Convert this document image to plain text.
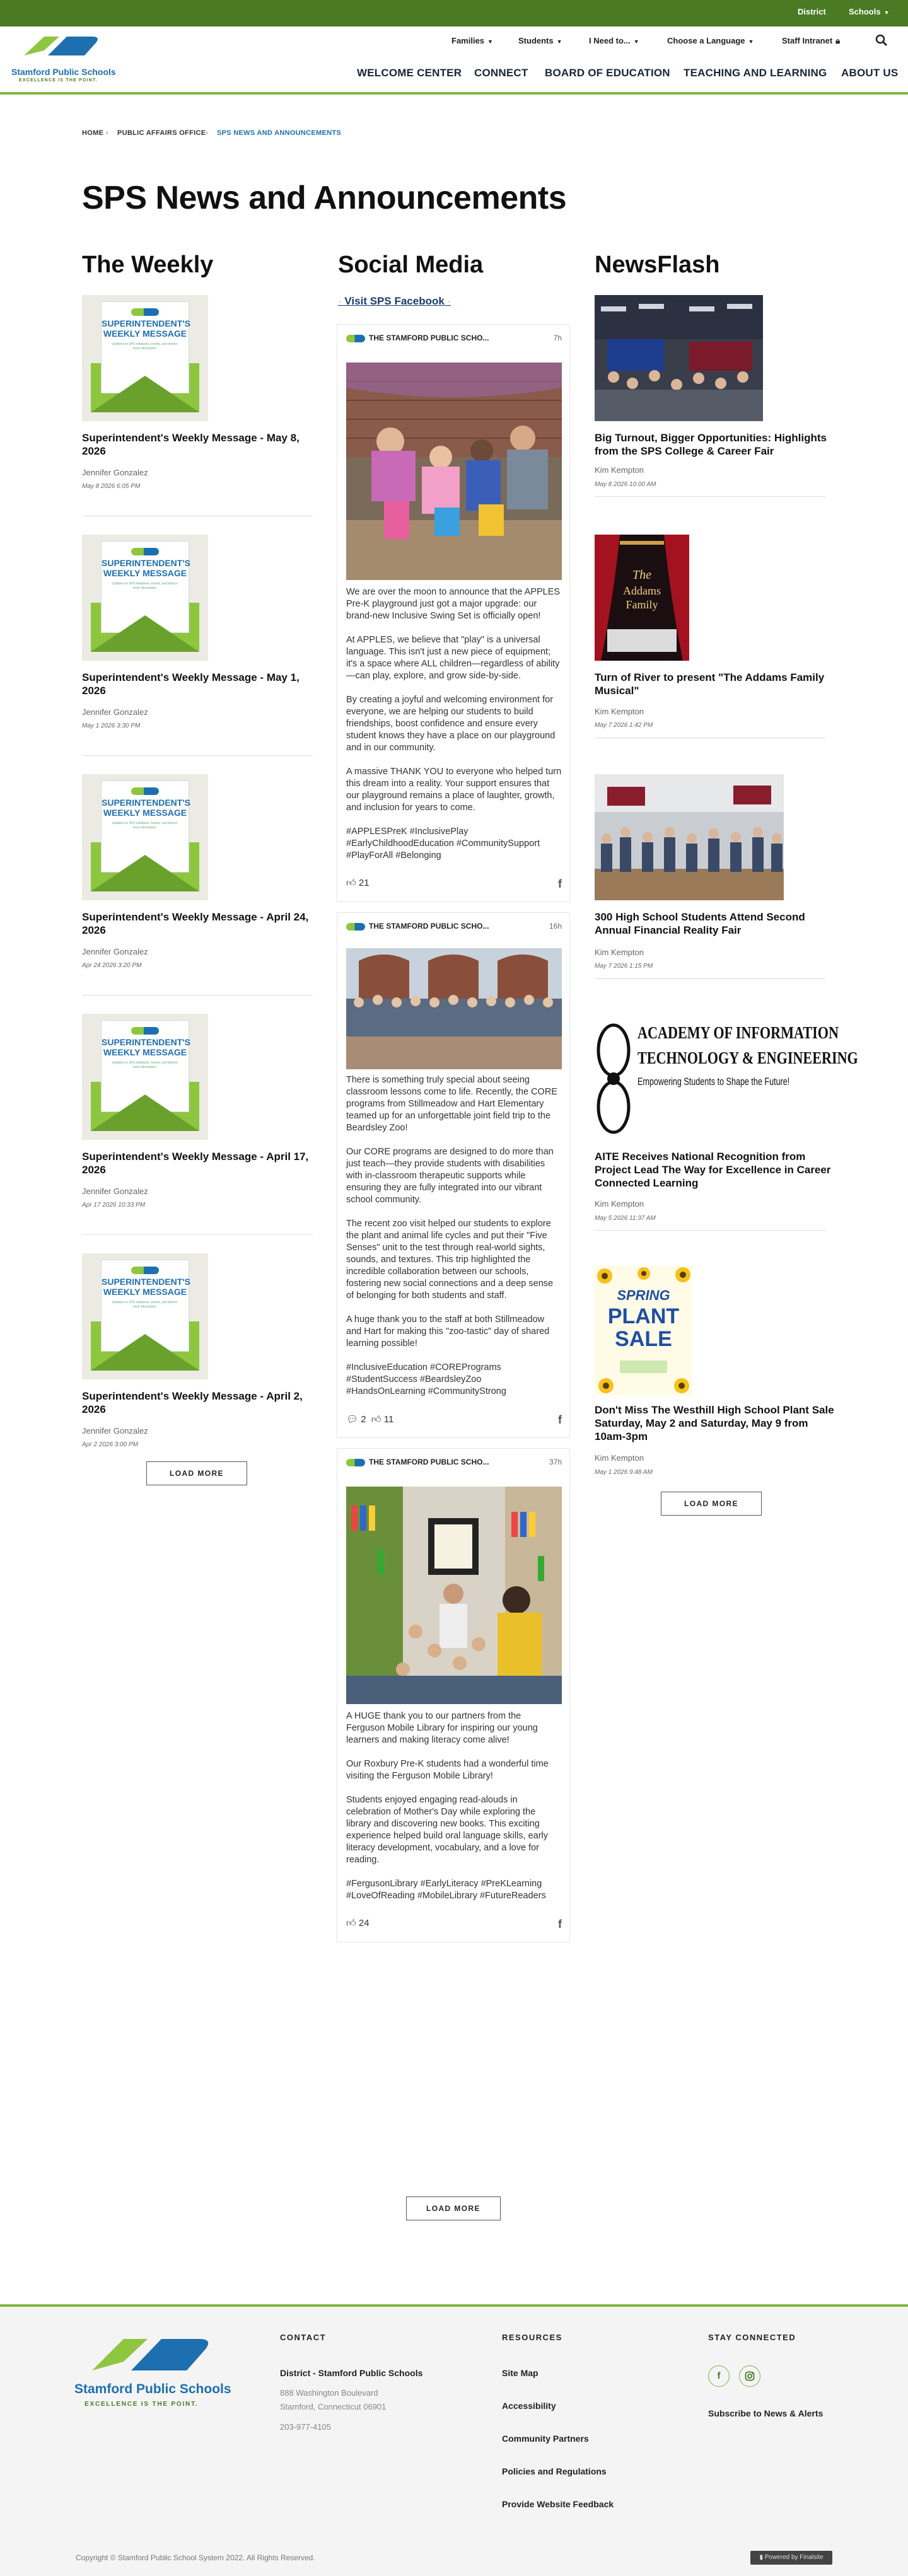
District	Schools ▼
Stamford Public Schools
EXCELLENCE IS THE POINT.
Families ▼	Students ▼	I Need to... ▼	Choose a Language ▼	Staff Intranet 🔒︎
WELCOME CENTER CONNECT BOARD OF EDUCATION TEACHING AND LEARNING ABOUT US
HOME › PUBLIC AFFAIRS OFFICE › SPS NEWS AND ANNOUNCEMENTS
SPS News and Announcements
The Weekly	Social Media	NewsFlash
SUPERINTENDENT'S WEEKLY MESSAGE
Updates on SPS initiatives, events, and district-level information.
Superintendent's Weekly Message - May 8, 2026
Jennifer Gonzalez
May 8 2026 6:05 PM
SUPERINTENDENT'S WEEKLY MESSAGE
Updates on SPS initiatives, events, and district-level information.
Superintendent's Weekly Message - May 1, 2026
Jennifer Gonzalez
May 1 2026 3:30 PM
SUPERINTENDENT'S WEEKLY MESSAGE
Updates on SPS initiatives, events, and district-level information.
Superintendent's Weekly Message - April 24, 2026
Jennifer Gonzalez
Apr 24 2026 3:20 PM
SUPERINTENDENT'S WEEKLY MESSAGE
Updates on SPS initiatives, events, and district-level information.
Superintendent's Weekly Message - April 17, 2026
Jennifer Gonzalez
Apr 17 2026 10:33 PM
SUPERINTENDENT'S WEEKLY MESSAGE
Updates on SPS initiatives, events, and district-level information.
Superintendent's Weekly Message - April 2, 2026
Jennifer Gonzalez
Apr 2 2026 3:00 PM
LOAD MORE
· Visit SPS Facebook ·
THE STAMFORD PUBLIC SCHO...	7h

We are over the moon to announce that the APPLES Pre-K playground just got a major upgrade: our brand-new Inclusive Swing Set is officially open!

At APPLES, we believe that "play" is a universal language. This isn't just a new piece of equipment; it's a space where ALL children—regardless of ability—can play, explore, and grow side-by-side.

By creating a joyful and welcoming environment for everyone, we are helping our students to build friendships, boost confidence and ensure every student knows they have a place on our playground and in our community.

A massive THANK YOU to everyone who helped turn this dream into a reality. Your support ensures that our playground remains a place of laughter, growth, and inclusion for years to come.

#APPLESPreK #InclusivePlay #EarlyChildhoodEducation #CommunitySupport #PlayForAll #Belonging

👍︎ 21	f
THE STAMFORD PUBLIC SCHO...	16h

There is something truly special about seeing classroom lessons come to life. Recently, the CORE programs from Stillmeadow and Hart Elementary teamed up for an unforgettable joint field trip to the Beardsley Zoo!

Our CORE programs are designed to do more than just teach—they provide students with disabilities with in-classroom therapeutic supports while ensuring they are fully integrated into our vibrant school community.

The recent zoo visit helped our students to explore the plant and animal life cycles and put their "Five Senses" unit to the test through real-world sights, sounds, and textures. This trip highlighted the incredible collaboration between our schools, fostering new social connections and a deep sense of belonging for both students and staff.

A huge thank you to the staff at both Stillmeadow and Hart for making this "zoo-tastic" day of shared learning possible!

#InclusiveEducation #COREPrograms #StudentSuccess #BeardsleyZoo #HandsOnLearning #CommunityStrong

💬︎ 2 👍︎ 11	f
THE STAMFORD PUBLIC SCHO...	37h

A HUGE thank you to our partners from the Ferguson Mobile Library for inspiring our young learners and making literacy come alive!

Our Roxbury Pre-K students had a wonderful time visiting the Ferguson Mobile Library!

Students enjoyed engaging read-alouds in celebration of Mother's Day while exploring the library and discovering new books. This exciting experience helped build oral language skills, early literacy development, vocabulary, and a love for reading.

#FergusonLibrary #EarlyLiteracy #PreKLearning #LoveOfReading #MobileLibrary #FutureReaders

👍︎ 24	f
LOAD MORE
Big Turnout, Bigger Opportunities: Highlights from the SPS College & Career Fair
Kim Kempton
May 8 2026 10:00 AM
The
Addams
Family
Turn of River to present "The Addams Family Musical"
Kim Kempton
May 7 2026 1:42 PM
300 High School Students Attend Second Annual Financial Reality Fair
Kim Kempton
May 7 2026 1:15 PM
ACADEMY OF INFORMATION
TECHNOLOGY & ENGINEERING
Empowering Students to Shape the Future!
AITE Receives National Recognition from Project Lead The Way for Excellence in Career Connected Learning
Kim Kempton
May 5 2026 11:37 AM
SPRING
PLANT
SALE
Don't Miss The Westhill High School Plant Sale Saturday, May 2 and Saturday, May 9 from 10am-3pm
Kim Kempton
May 1 2026 9:48 AM
LOAD MORE
Stamford Public Schools
EXCELLENCE IS THE POINT.
CONTACT
District - Stamford Public Schools
888 Washington Boulevard
Stamford, Connecticut 06901
203-977-4105
RESOURCES
Site Map
Accessibility
Community Partners
Policies and Regulations
Provide Website Feedback
STAY CONNECTED
f
Subscribe to News & Alerts
Copyright © Stamford Public School System 2022. All Rights Reserved.	▮ Powered by Finalsite
